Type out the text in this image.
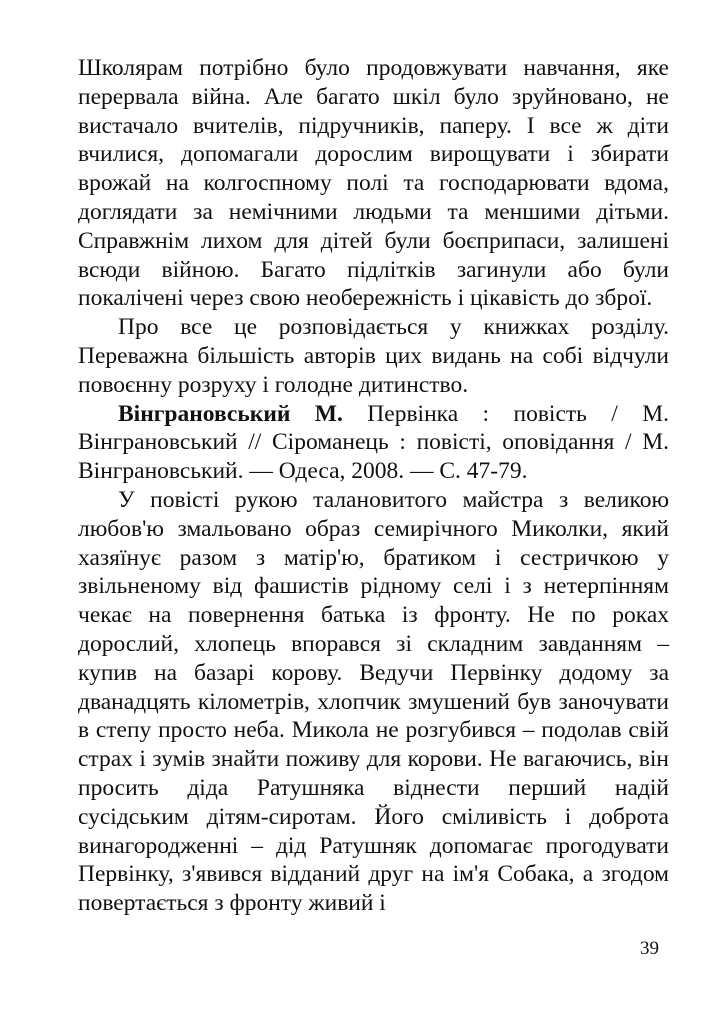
Школярам потрібно було продовжувати навчання, яке перервала війна. Але багато шкіл було зруйновано, не вистачало вчителів, підручників, паперу. І все ж діти вчилися, допомагали дорослим вирощувати і збирати врожай на колгоспному полі та господарювати вдома, доглядати за немічними людьми та меншими дітьми. Справжнім лихом для дітей були боєприпаси, залишені всюди війною. Багато підлітків загинули або були покалічені через свою необережність і цікавість до зброї.

Про все це розповідається у книжках розділу. Переважна більшість авторів цих видань на собі відчули повоєнну розруху і голодне дитинство.

Вінграновський М. Первінка : повість / М. Вінграновський // Сіроманець : повісті, оповідання / М. Вінграновський. — Одеса, 2008. — С. 47-79.

У повісті рукою талановитого майстра з великою любов'ю змальовано образ семирічного Миколки, який хазяїнує разом з матір'ю, братиком і сестричкою у звільненому від фашистів рідному селі і з нетерпінням чекає на повернення батька із фронту. Не по роках дорослий, хлопець впорався зі складним завданням – купив на базарі корову. Ведучи Первінку додому за дванадцять кілометрів, хлопчик змушений був заночувати в степу просто неба. Микола не розгубився – подолав свій страх і зумів знайти поживу для корови. Не вагаючись, він просить діда Ратушняка віднести перший надій сусідським дітям-сиротам. Його сміливість і доброта винагородженні – дід Ратушняк допомагає прогодувати Первінку, з'явився відданий друг на ім'я Собака, а згодом повертається з фронту живий і

39
